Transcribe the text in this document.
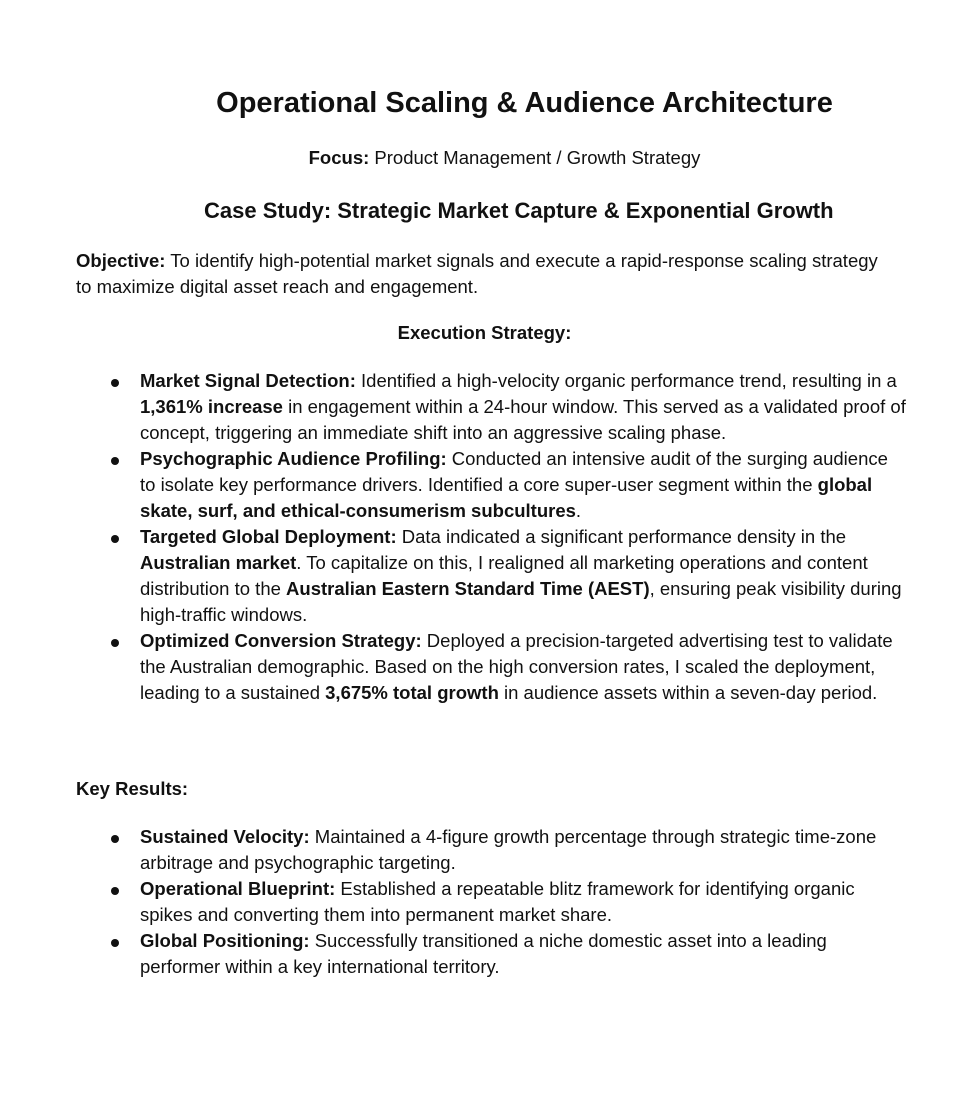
Operational Scaling & Audience Architecture
Focus: Product Management / Growth Strategy
Case Study: Strategic Market Capture & Exponential Growth

Objective: To identify high-potential market signals and execute a rapid-response scaling strategy to maximize digital asset reach and engagement.

Execution Strategy:
Market Signal Detection: Identified a high-velocity organic performance trend, resulting in a 1,361% increase in engagement within a 24-hour window. This served as a validated proof of concept, triggering an immediate shift into an aggressive scaling phase.
Psychographic Audience Profiling: Conducted an intensive audit of the surging audience to isolate key performance drivers. Identified a core super-user segment within the global skate, surf, and ethical-consumerism subcultures.
Targeted Global Deployment: Data indicated a significant performance density in the Australian market. To capitalize on this, I realigned all marketing operations and content distribution to the Australian Eastern Standard Time (AEST), ensuring peak visibility during high-traffic windows.
Optimized Conversion Strategy: Deployed a precision-targeted advertising test to validate the Australian demographic. Based on the high conversion rates, I scaled the deployment, leading to a sustained 3,675% total growth in audience assets within a seven-day period.
Key Results:
Sustained Velocity: Maintained a 4-figure growth percentage through strategic time-zone arbitrage and psychographic targeting.
Operational Blueprint: Established a repeatable blitz framework for identifying organic spikes and converting them into permanent market share.
Global Positioning: Successfully transitioned a niche domestic asset into a leading performer within a key international territory.
